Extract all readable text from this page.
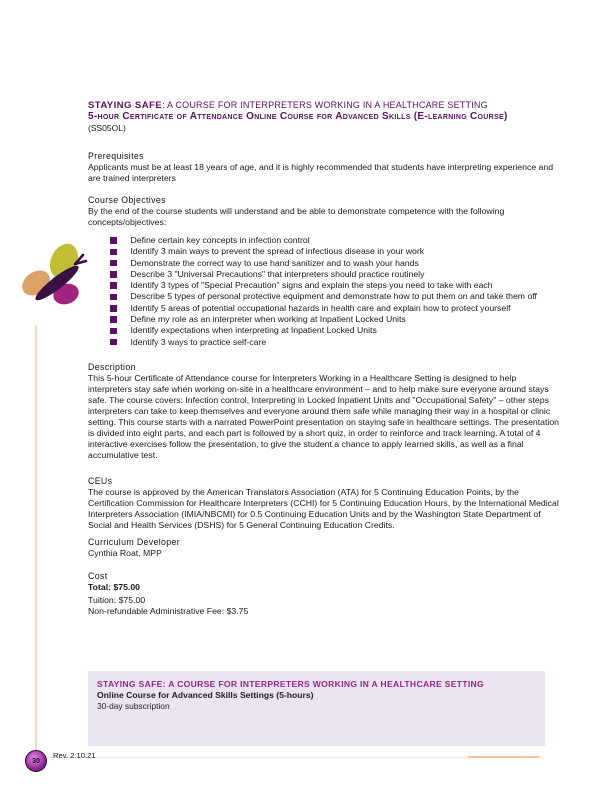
STAYING SAFE: A COURSE FOR INTERPRETERS WORKING IN A HEALTHCARE SETTING
5-hour Certificate of Attendance Online Course for Advanced Skills (E-learning Course)
(SS05OL)
Prerequisites
Applicants must be at least 18 years of age, and it is highly recommended that students have interpreting experience and are trained interpreters
Course Objectives
By the end of the course students will understand and be able to demonstrate competence with the following concepts/objectives:
Define certain key concepts in infection control
Identify 3 main ways to prevent the spread of infectious disease in your work
Demonstrate the correct way to use hand sanitizer and to wash your hands
Describe 3 "Universal Precautions" that interpreters should practice routinely
Identify 3 types of "Special Precaution" signs and explain the steps you need to take with each
Describe 5 types of personal protective equipment and demonstrate how to put them on and take them off
Identify 5 areas of potential occupational hazards in health care and explain how to protect yourself
Define my role as an interpreter when working at Inpatient Locked Units
Identify expectations when interpreting at Inpatient Locked Units
Identify 3 ways to practice self-care
Description
This 5-hour Certificate of Attendance course for Interpreters Working in a Healthcare Setting is designed to help interpreters stay safe when working on-site in a healthcare environment – and to help make sure everyone around stays safe. The course covers: Infection control, Interpreting in Locked Inpatient Units and "Occupational Safety" – other steps interpreters can take to keep themselves and everyone around them safe while managing their way in a hospital or clinic setting. This course starts with a narrated PowerPoint presentation on staying safe in healthcare settings. The presentation is divided into eight parts, and each part is followed by a short quiz, in order to reinforce and track learning. A total of 4 interactive exercises follow the presentation, to give the student a chance to apply learned skills, as well as a final accumulative test.
CEUs
The course is approved by the American Translators Association (ATA) for 5 Continuing Education Points, by the Certification Commission for Healthcare Interpreters (CCHI) for 5 Continuing Education Hours, by the International Medical Interpreters Association (IMIA/NBCMI) for 0.5 Continuing Education Units and by the Washington State Department of Social and Health Services (DSHS) for 5 General Continuing Education Credits.
Curriculum Developer
Cynthia Roat, MPP
Cost
Total: $75.00
Tuition: $75.00
Non-refundable Administrative Fee: $3.75
STAYING SAFE: A COURSE FOR INTERPRETERS WORKING IN A HEALTHCARE SETTING
Online Course for Advanced Skills Settings (5-hours)
30-day subscription
30
Rev. 2.10.21
